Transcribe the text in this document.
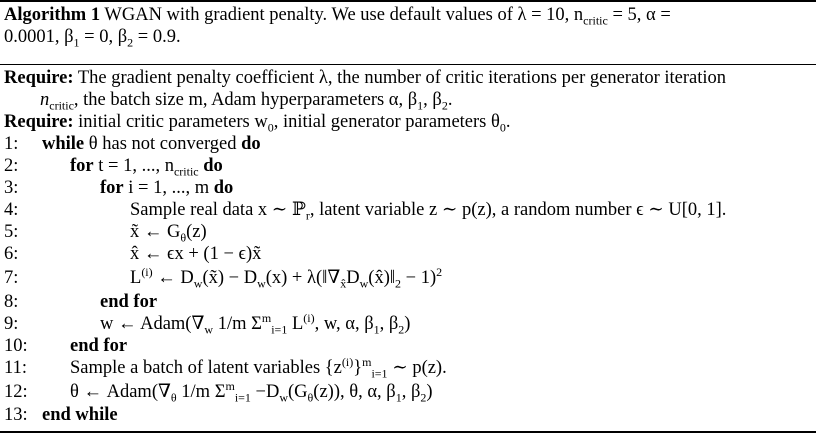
Algorithm 1 WGAN with gradient penalty. We use default values of λ = 10, $n_{critic} = 5$, α =
0.0001, $\beta_1 = 0$, $\beta_2 = 0.9$.
Require: The gradient penalty coefficient λ, the number of critic iterations per generator iteration
$n_{critic}$, the batch size m, Adam hyperparameters α, $\beta_1$, $\beta_2$.
Require: initial critic parameters $w_0$, initial generator parameters $\theta_0$.
1:	while θ has not converged do
2:	for t = 1, ..., $n_{critic}$ do
3:	for i = 1, ..., m do
4:	Sample real data x ∼ ℙ$_r$, latent variable z ∼ p(z), a random number ϵ ∼ U[0, 1].
5:	x̃ ← $G_\theta(z)$
6:	x̂ ← ϵx + (1 − ϵ)x̃
7:	$L^{(i)}$ ← $D_w(x̃) - D_w(x)$ + $\lambda(‖\nabla_{x̂}D_w(x̂)‖_2 - 1)^2$
8:	end for
9:	w ← $Adam(\nabla_w$ 1/m $\Sigma^m_{i=1}$ $L^{(i)}$, w, α, $\beta_1$, $\beta_2$)
10:	end for
11:	Sample a batch of latent variables $\{z^{(i)}\}^m_{i=1}$ ∼ p(z).
12:	θ ← $Adam(\nabla_\theta$ 1/m $\Sigma^m_{i=1} -D_w(G_\theta(z))$, θ, α, $\beta_1$, $\beta_2$)
13: end while
